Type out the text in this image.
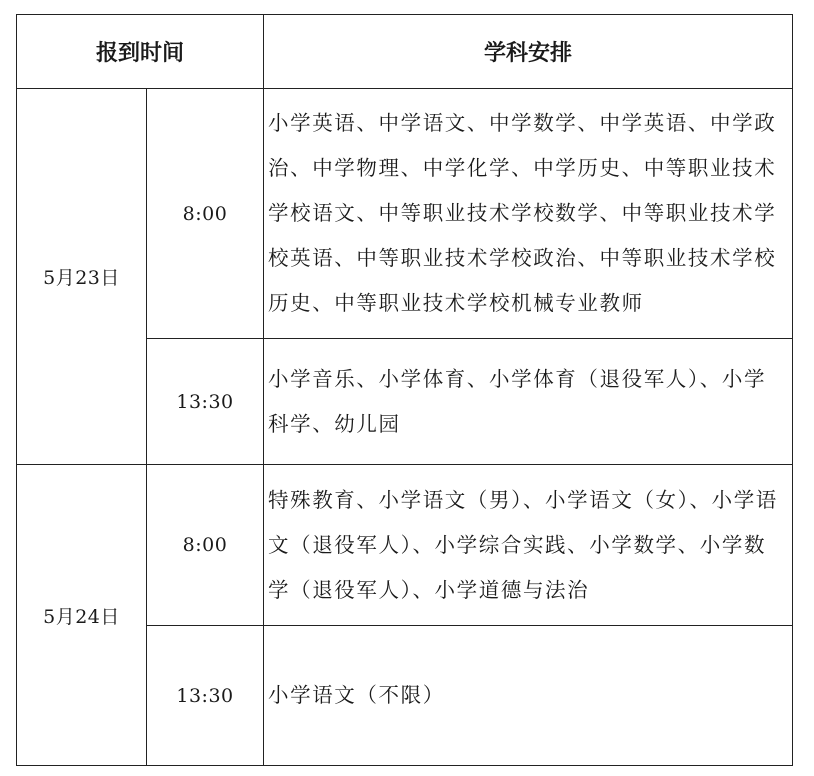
报到时间		学科安排
5月23日	8:00	小学英语、中学语文、中学数学、中学英语、中学政治、中学物理、中学化学、中学历史、中等职业技术学校语文、中等职业技术学校数学、中等职业技术学校英语、中等职业技术学校政治、中等职业技术学校历史、中等职业技术学校机械专业教师
	13:30	小学音乐、小学体育、小学体育（退役军人）、小学科学、幼儿园
5月24日	8:00	特殊教育、小学语文（男）、小学语文（女）、小学语文（退役军人）、小学综合实践、小学数学、小学数学（退役军人）、小学道德与法治
	13:30	小学语文（不限）
